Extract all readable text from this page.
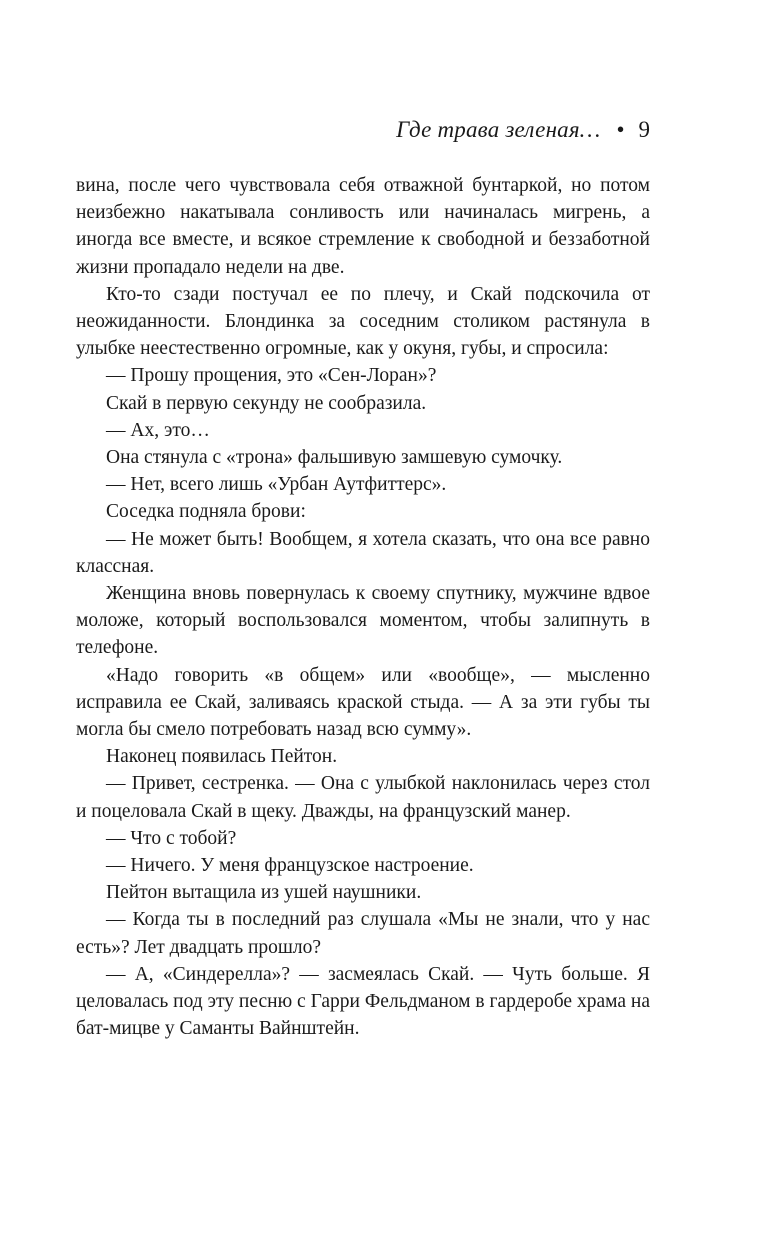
Где трава зеленая… • 9

вина, после чего чувствовала себя отважной бунтаркой, но потом неизбежно накатывала сонливость или начиналась мигрень, а иногда все вместе, и всякое стремление к свободной и беззаботной жизни пропадало недели на две.

Кто-то сзади постучал ее по плечу, и Скай подскочила от неожиданности. Блондинка за соседним столиком растянула в улыбке неестественно огромные, как у окуня, губы, и спросила:

— Прошу прощения, это «Сен-Лоран»?

Скай в первую секунду не сообразила.

— Ах, это…

Она стянула с «трона» фальшивую замшевую сумочку.

— Нет, всего лишь «Урбан Аутфиттерс».

Соседка подняла брови:

— Не может быть! Вообщем, я хотела сказать, что она все равно классная.

Женщина вновь повернулась к своему спутнику, мужчине вдвое моложе, который воспользовался моментом, чтобы залипнуть в телефоне.

«Надо говорить «в общем» или «вообще», — мысленно исправила ее Скай, заливаясь краской стыда. — А за эти губы ты могла бы смело потребовать назад всю сумму».

Наконец появилась Пейтон.

— Привет, сестренка. — Она с улыбкой наклонилась через стол и поцеловала Скай в щеку. Дважды, на французский манер.

— Что с тобой?

— Ничего. У меня французское настроение.

Пейтон вытащила из ушей наушники.

— Когда ты в последний раз слушала «Мы не знали, что у нас есть»? Лет двадцать прошло?

— А, «Синдерелла»? — засмеялась Скай. — Чуть больше. Я целовалась под эту песню с Гарри Фельдманом в гардеробе храма на бат-мицве у Саманты Вайнштейн.
